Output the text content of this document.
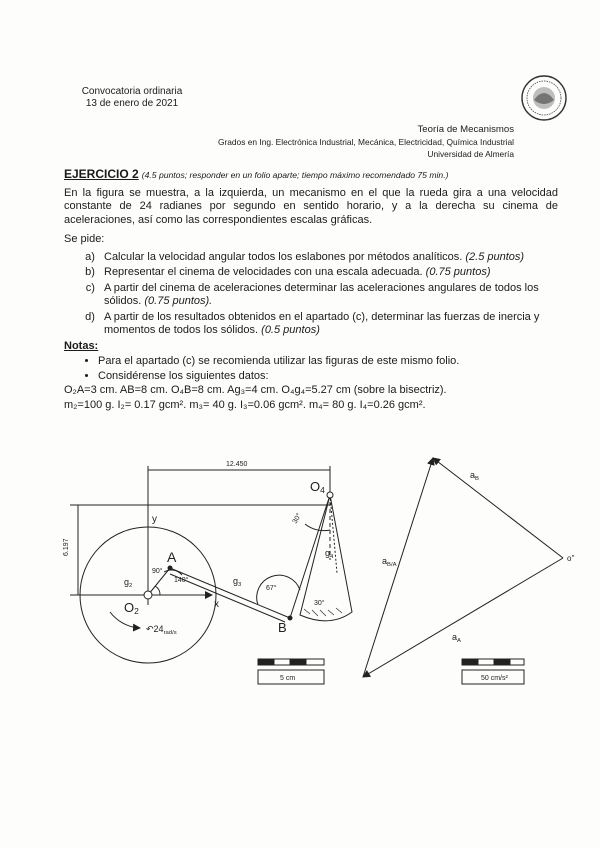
Convocatoria ordinaria
13 de enero de 2021
Teoría de Mecanismos
Grados en Ing. Electrónica Industrial, Mecánica, Electricidad, Química Industrial
Universidad de Almería

EJERCICIO 2 (4.5 puntos; responder en un folio aparte; tiempo máximo recomendado 75 min.)

En la figura se muestra, a la izquierda, un mecanismo en el que la rueda gira a una velocidad constante de 24 radianes por segundo en sentido horario, y a la derecha su cinema de aceleraciones, así como las correspondientes escalas gráficas.

Se pide:

a. Calcular la velocidad angular todos los eslabones por métodos analíticos. (2.5 puntos)
b. Representar el cinema de velocidades con una escala adecuada. (0.75 puntos)
c. A partir del cinema de aceleraciones determinar las aceleraciones angulares de todos los sólidos. (0.75 puntos).
d. A partir de los resultados obtenidos en el apartado (c), determinar las fuerzas de inercia y momentos de todos los sólidos. (0.5 puntos)

Notas:

• Para el apartado (c) se recomienda utilizar las figuras de este mismo folio.
• Considérense los siguientes datos:

O₂A=3 cm. AB=8 cm. O₄B=8 cm. Ag₃=4 cm. O₄g₄=5.27 cm (sobre la bisectriz).

m₂=100 g. I₂= 0.17 gcm². m₃= 40 g. I₃=0.06 gcm². m₄= 80 g. I₄=0.26 gcm².

12.450
6.197
O4
y
x
A
O2
B
$g_2$	$g_3$
$g_4$
30°
30°
90°
67°
140°
$↶24_{rad/s}$
5 cm
$a_B$
$a_{B/A}$
$a_A$
o''
50 cm/s²
